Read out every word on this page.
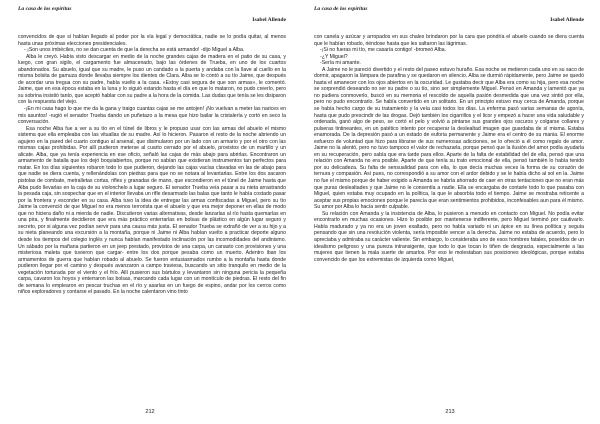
La casa de los espíritus
Isabel Allende

convencidos de que si habían llegado al poder por la vía legal y democrática, nadie se lo podía quitar, al menos hasta unas próximas elecciones presidenciales.

- ¡Son unos imbéciles, no se dan cuenta de que la derecha se está armando! -dijo Miguel a Alba.

Alba le creyó. Había visto descargar en medio de la noche grandes cajas de madera en el patio de su casa, y luego, con gran sigilo, el cargamento fue almacenado, bajo las órdenes de Trueba, en uno de los cuartos abandonados. Su abuelo, igual que su madre, le puso un candado a la puerta y andaba con la llave al cuello en la misma bolsita de gamuza donde llevaba siempre los dientes de Clara. Alba se lo contó a su tío Jaime, que después de acordar una tregua con su padre, había vuelto a la casa. «Estoy casi segura de que son armas», le comentó. Jaime, que en esa época estaba en la luna y lo siguió estando hasta el día en que lo mataron, no pudo creerlo, pero su sobrina insistió tanto, que aceptó hablar con su padre a la hora de la comida. Las dudas que tenía se les disiparon con la respuesta del viejo.

-¡En mi casa hago lo que me da la gana y traigo cuantas cajas se me antojen! ¡No vuelvan a meter las narices en mis asuntos! -rugió el senador Trueba dando un puñetazo a la mesa que hizo bailar la cristalería y cortó en seco la conversación.

Esa noche Alba fue a ver a su tío en el túnel de libros y le propuso usar con las armas del abuelo el mismo sistema que ella empleaba con las vituallas de su madre. Así lo hicieron. Pasaron el resto de la noche abriendo un agujero en la pared del cuarto contiguo al arsenal, que disimularon por un lado con un armario y por el otro con las mismas cajas prohibidas. Por allí pudieron meterse al cuarto cerrado por el abuelo, provistos de un martillo y un alicate. Alba, que ya tenía experiencia en ese oficio, señaló las cajas de más abajo para abrirlas. Encontraron un armamento de batalla que los dejó boquiabiertos, porque no sabían que existieran instrumentos tan perfectos para matar. En los días siguientes robaron todo lo que pudieron, dejando las cajas vacías clavadas en las de abajo para que nadie se diera cuenta, y rellenándolas con piedras para que no se notara al levantarlas. Entre los dos sacaron pistolas de combate, metralletas cortas, rifles y granadas de mano, que escondieron en el túnel de Jaime hasta que Alba pudo llevarlas en la caja de su violonchelo a lugar seguro. El senador Trueba veía pasar a su nieta arrastrando la pesada caja, sin sospechar que en el interior llevaba un rifle desarmado las balas que tanto le había costado pasar por la frontera y esconder en su casa. Alba tuvo la idea de entregar las armas confiscadas a Miguel, pero su tío Jaime la convenció de que Miguel no era menos terrorista que el abuelo y que era mejor deponer en ellas de modo que no hiciera daño ni a mierda de nadie. Discutieron varias alternativas, desde lanzarlas al río hasta quemarlas en una pira, y finalmente decidieron que era más práctico enterrarlas en bolsas de plástico en algún lugar seguro y secreto, por si alguna vez podían servir para una causa más justa. El senador Trueba se extrañó de ver a su hijo y a su nieta planeando una excursión a la montaña, porque ni Jaime ni Alba habían vuelto a practicar deporte alguno desde los tiempos del colegio inglés y nunca habían manifestado inclinación por las incomodidades del andinismo. Un sábado por la mañana partieron en un jeep prestado, provistos de una carpa, un canasto con provisiones y una misteriosa maleta que tuvieron que cargar- entre los dos porque pesaba como un muerto. Adentro iban los armamentos de guerra que habían robado al abuelo. Se fueron entusiasmados rumbo a la montaña hasta donde pudieron llegar por el camino y después avanzaron a campo traviesa, buscando un sitio tranquilo en medio de la vegetación torturada por el viento y el frío. Allí pusieron sus bártulos y levantaron sin ninguna pericia la pequeña carpa, cavaron los hoyos y enterraron las bolsas, marcando cada lugar con un montículo de piedras. El resto del fin de semana lo emplearon en pescar truchas en el río y asarlas en un fuego de espino, andar por los cerros como niños exploradores y contarse el pasado. En la noche calentaron vino tinto

212
La casa de los espíritus
Isabel Allende

con canela y azúcar y arropados en sus chales brindaron por la cara que pondría el abuelo cuando se diera cuenta que le habían robado, riéndose hasta que les saltaron las lágrimas.

-¡Si no fueras mi tío, me casaría contigo! -bromeó Alba.

-¿Y Miguel?

-Sería mi amante.

A Jaime no le pareció divertido y el resto del paseo estuvo huraño. Esa noche se metieron cada uno en su saco de dormir, apagaron la lámpara de parafina y se quedaron en silencio. Alba se durmió rápidamente, pero Jaime se quedó hasta el amanecer con los ojos abiertos en la oscuridad. Le gustaba decir que Alba era como su hija, pero esa noche se sorprendió deseando no ser su padre o su tío, sino ser simplemente Miguel. Pensó en Amanda y lamentó que ya no pudiera conmoverlo, buscó en su memoria el rescoldo de aquella pasión desmedida que una vez sintió por ella, pero no pudo encontrarlo. Se había convertido en un solitario. En un principio estuvo muy cerca de Amanda, porque se había hecho cargo de su tratamiento y la veía casi todos los días. La enferma pasó varias semanas de agonía, hasta que pudo prescindir de las drogas. Dejó también los cigarrillos y el licor y empezó a hacer una vida saludable y ordenada, ganó algo de peso, se cortó el pelo y volvió a pintarse sus grandes ojos oscuros y colgarse collares y pulseras tintineantes, en un patético intento por recuperar la deslealtad imagen que guardaba de sí misma. Estaba enamorada. De la depresión pasó a un estado de euforia permanente y Jaime era el centro de su mania. El enorme esfuerzo de voluntad que hizo para librarse de sus numerosas adicciones, se lo ofreció a él como regalo de amor. Jaime no la alentó, pero no tuvo tampoco el valor de rechazarla, porque pensó que la ilusión del amor podía ayudarla en su recuperación, pero sabía que era tarde para ellos. Aparte de la falta de estabilidad del de ella, pensó que una relación con Amanda no era posible. Aparte de que tenía su trato emocional de ella, pensó también lo había tenido por su delicadeza. Su falta de sensualidad para con ella, lo que decía muchas veces la forma de su corazón de ternura y compasión. Así pues, no correspondió a su amor con el ardor debido y se le había dicho al sol en la. Jaime no fue el mismo porque de haber exigido a Amanda se habría ahorrado de caer en otras tentaciones que no eran más que puras deslealtades y que Jaime no le consentía a nadie. Ella se encargaba de contarle todo lo que pasaba con Miguel, quien estaba muy ocupado en la política, la que le absorbía todo el tiempo. Jaime se mostraba reticente a aceptar sus propias emociones porque le parecía que eran sentimientos prohibidos, inconfesables aun para él mismo. Su amor por Alba lo hacía sentir culpable.

Su relación con Amanda y la insistencia de Alba, lo pusieron a menudo en contacto con Miguel. No podía evitar encontrarlo en muchas ocasiones. Hizo lo posible por mantenerse indiferente, pero Miguel terminó por cautivarlo. Había madurado y ya no era un joven exaltado, pero no había variado ni un ápice en su línea política y seguía pensando que sin una revolución violenta, sería imposible vencer a la derecha. Jaime no estaba de acuerdo, pero lo apreciaba y admiraba su carácter valiente. Sin embargo, lo consideraba uno de esos hombres fatales, poseídos de un idealismo peligroso y una pureza intransigente, que todo lo que tocan lo tiñen de desgracia, especialmente a las mujeres que tienen la mala suerte de amarlos. Por eso le molestaban sus posiciones ideológicas, porque estaba convencido de que los extremistas de izquierda como Miguel,

213
